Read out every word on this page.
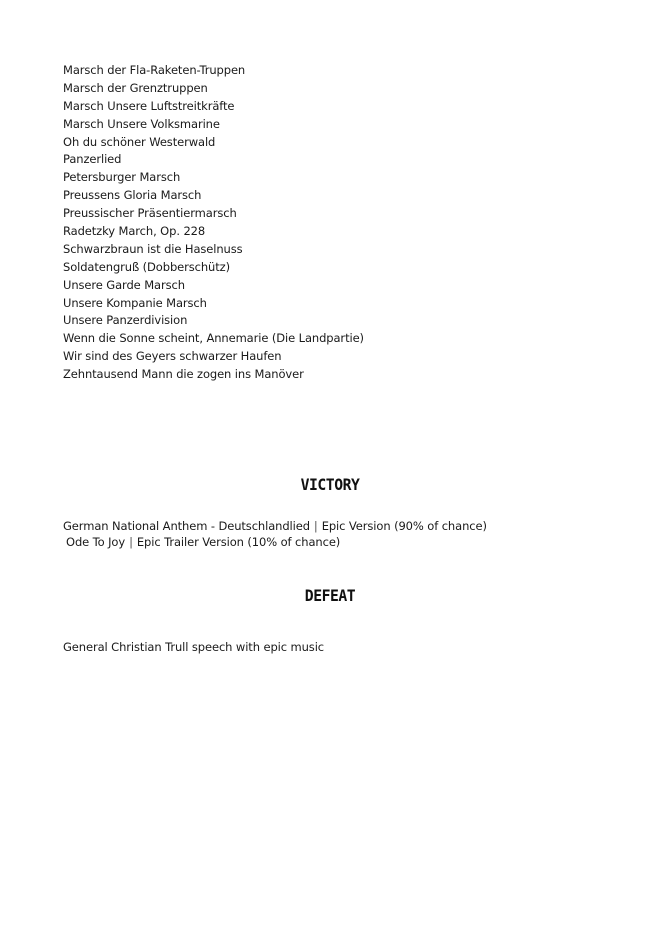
Marsch der Fla-Raketen-Truppen
Marsch der Grenztruppen
Marsch Unsere Luftstreitkräfte
Marsch Unsere Volksmarine
Oh du schöner Westerwald
Panzerlied
Petersburger Marsch
Preussens Gloria Marsch
Preussischer Präsentiermarsch
Radetzky March, Op. 228
Schwarzbraun ist die Haselnuss
Soldatengruß (Dobberschütz)
Unsere Garde Marsch
Unsere Kompanie Marsch
Unsere Panzerdivision
Wenn die Sonne scheint, Annemarie (Die Landpartie)
Wir sind des Geyers schwarzer Haufen
Zehntausend Mann die zogen ins Manöver
VICTORY
German National Anthem - Deutschlandlied | Epic Version (90% of chance)
Ode To Joy | Epic Trailer Version (10% of chance)
DEFEAT
General Christian Trull speech with epic music
